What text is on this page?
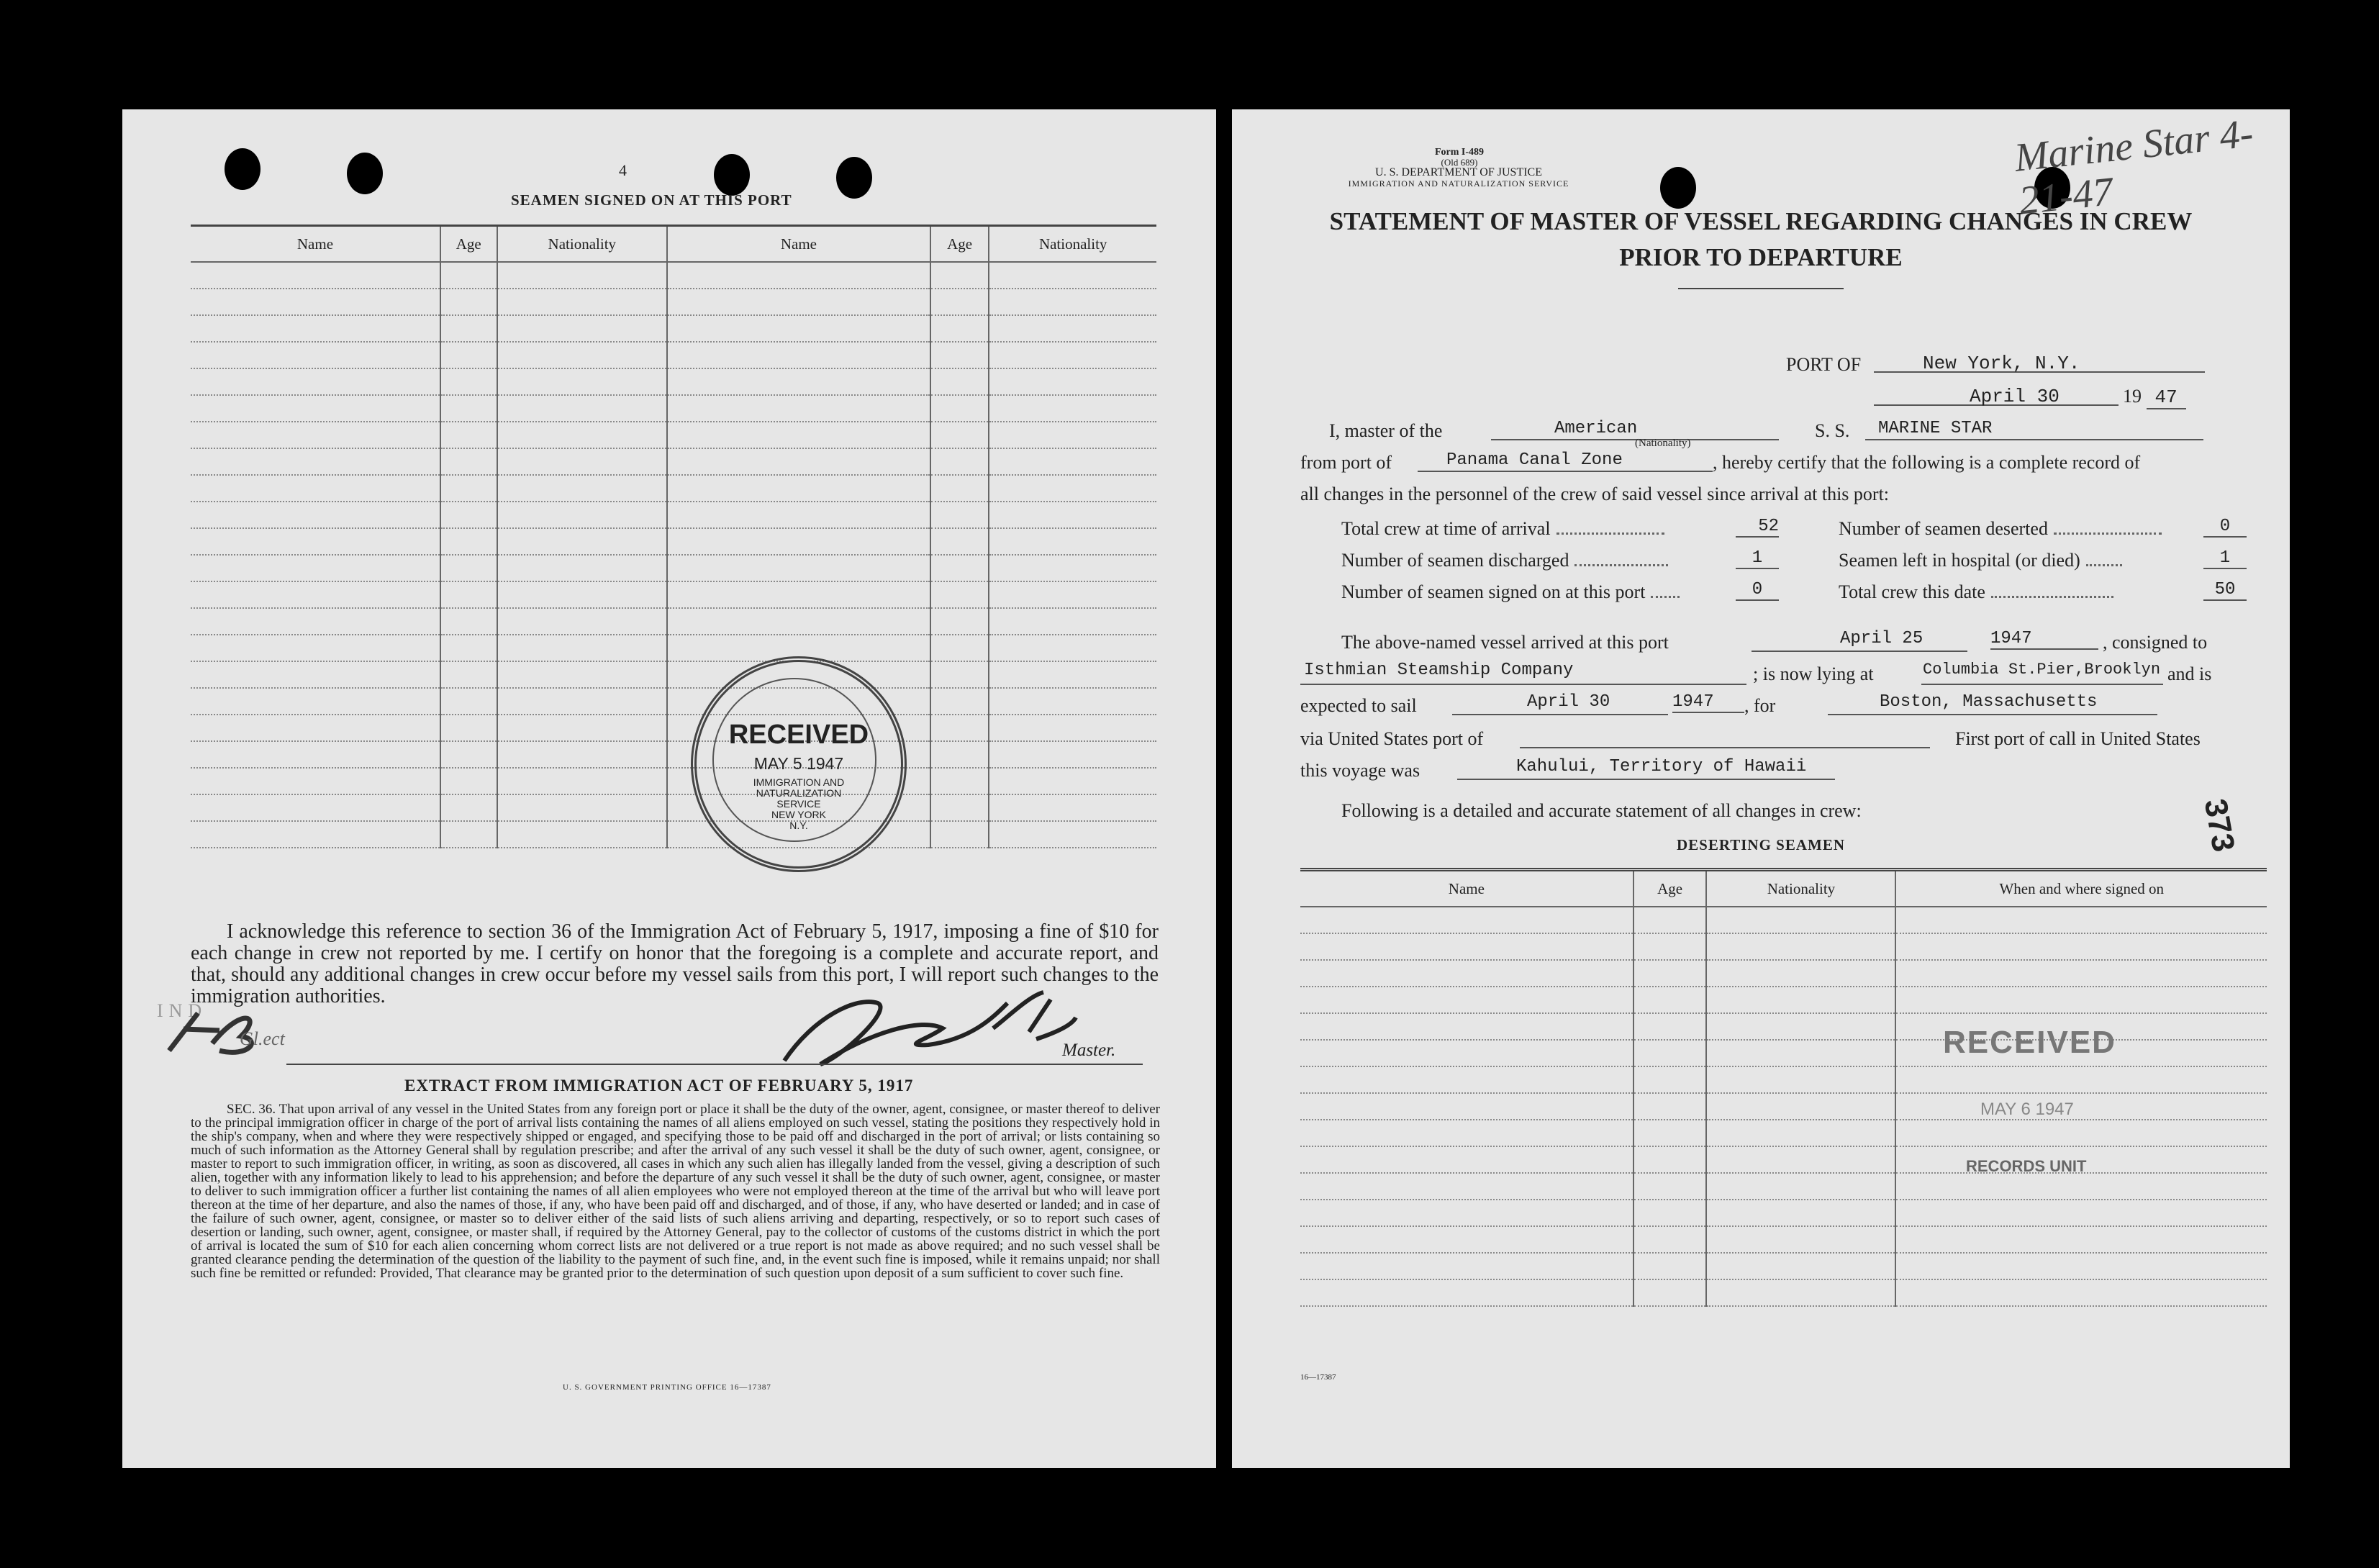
4
SEAMEN SIGNED ON AT THIS PORT
Name	Age	Nationality	Name	Age	Nationality

RECEIVED
MAY 5 1947
IMMIGRATION AND
NATURALIZATION
SERVICE
NEW YORK
N.Y.
I acknowledge this reference to section 36 of the Immigration Act of February 5, 1917, imposing a fine of $10 for each change in crew not reported by me. I certify on honor that the foregoing is a complete and accurate report, and that, should any additional changes in crew occur before my vessel sails from this port, I will report such changes to the immigration authorities.
IND
Gl.ect
Master.
EXTRACT FROM IMMIGRATION ACT OF FEBRUARY 5, 1917
SEC. 36. That upon arrival of any vessel in the United States from any foreign port or place it shall be the duty of the owner, agent, consignee, or master thereof to deliver to the principal immigration officer in charge of the port of arrival lists containing the names of all aliens employed on such vessel, stating the positions they respectively hold in the ship's company, when and where they were respectively shipped or engaged, and specifying those to be paid off and discharged in the port of arrival; or lists containing so much of such information as the Attorney General shall by regulation prescribe; and after the arrival of any such vessel it shall be the duty of such owner, agent, consignee, or master to report to such immigration officer, in writing, as soon as discovered, all cases in which any such alien has illegally landed from the vessel, giving a description of such alien, together with any information likely to lead to his apprehension; and before the departure of any such vessel it shall be the duty of such owner, agent, consignee, or master to deliver to such immigration officer a further list containing the names of all alien employees who were not employed thereon at the time of the arrival but who will leave port thereon at the time of her departure, and also the names of those, if any, who have been paid off and discharged, and of those, if any, who have deserted or landed; and in case of the failure of such owner, agent, consignee, or master so to deliver either of the said lists of such aliens arriving and departing, respectively, or so to report such cases of desertion or landing, such owner, agent, consignee, or master shall, if required by the Attorney General, pay to the collector of customs of the customs district in which the port of arrival is located the sum of $10 for each alien concerning whom correct lists are not delivered or a true report is not made as above required; and no such vessel shall be granted clearance pending the determination of the question of the liability to the payment of such fine, and, in the event such fine is imposed, while it remains unpaid; nor shall such fine be remitted or refunded: Provided, That clearance may be granted prior to the determination of such question upon deposit of a sum sufficient to cover such fine.
U. S. GOVERNMENT PRINTING OFFICE 16—17387
Form I-489
(Old 689)
U. S. DEPARTMENT OF JUSTICE
IMMIGRATION AND NATURALIZATION SERVICE
Marine Star 4-21-47
STATEMENT OF MASTER OF VESSEL REGARDING CHANGES IN CREW
PRIOR TO DEPARTURE
PORT OF	New York, N.Y.
April 30	19 47
I, master of the	American
(Nationality)
S. S. MARINE STAR
from port of	Panama Canal Zone	, hereby certify that the following is a complete record of
all changes in the personnel of the crew of said vessel since arrival at this port:
Total crew at time of arrival	52	Number of seamen deserted	0
Number of seamen discharged	1	Seamen left in hospital (or died)	1
Number of seamen signed on at this port	0	Total crew this date	50
The above-named vessel arrived at this port	April 25	1947	, consigned to
Isthmian Steamship Company	; is now lying at	Columbia St.Pier,Brooklyn and is
expected to sail	April 30	1947	, for	Boston, Massachusetts
via United States port of	First port of call in United States
this voyage was	Kahului, Territory of Hawaii
Following is a detailed and accurate statement of all changes in crew:
DESERTING SEAMEN	373
Name	Age	Nationality	When and where signed on

RECEIVED
MAY 6 1947
RECORDS UNIT
16—17387
